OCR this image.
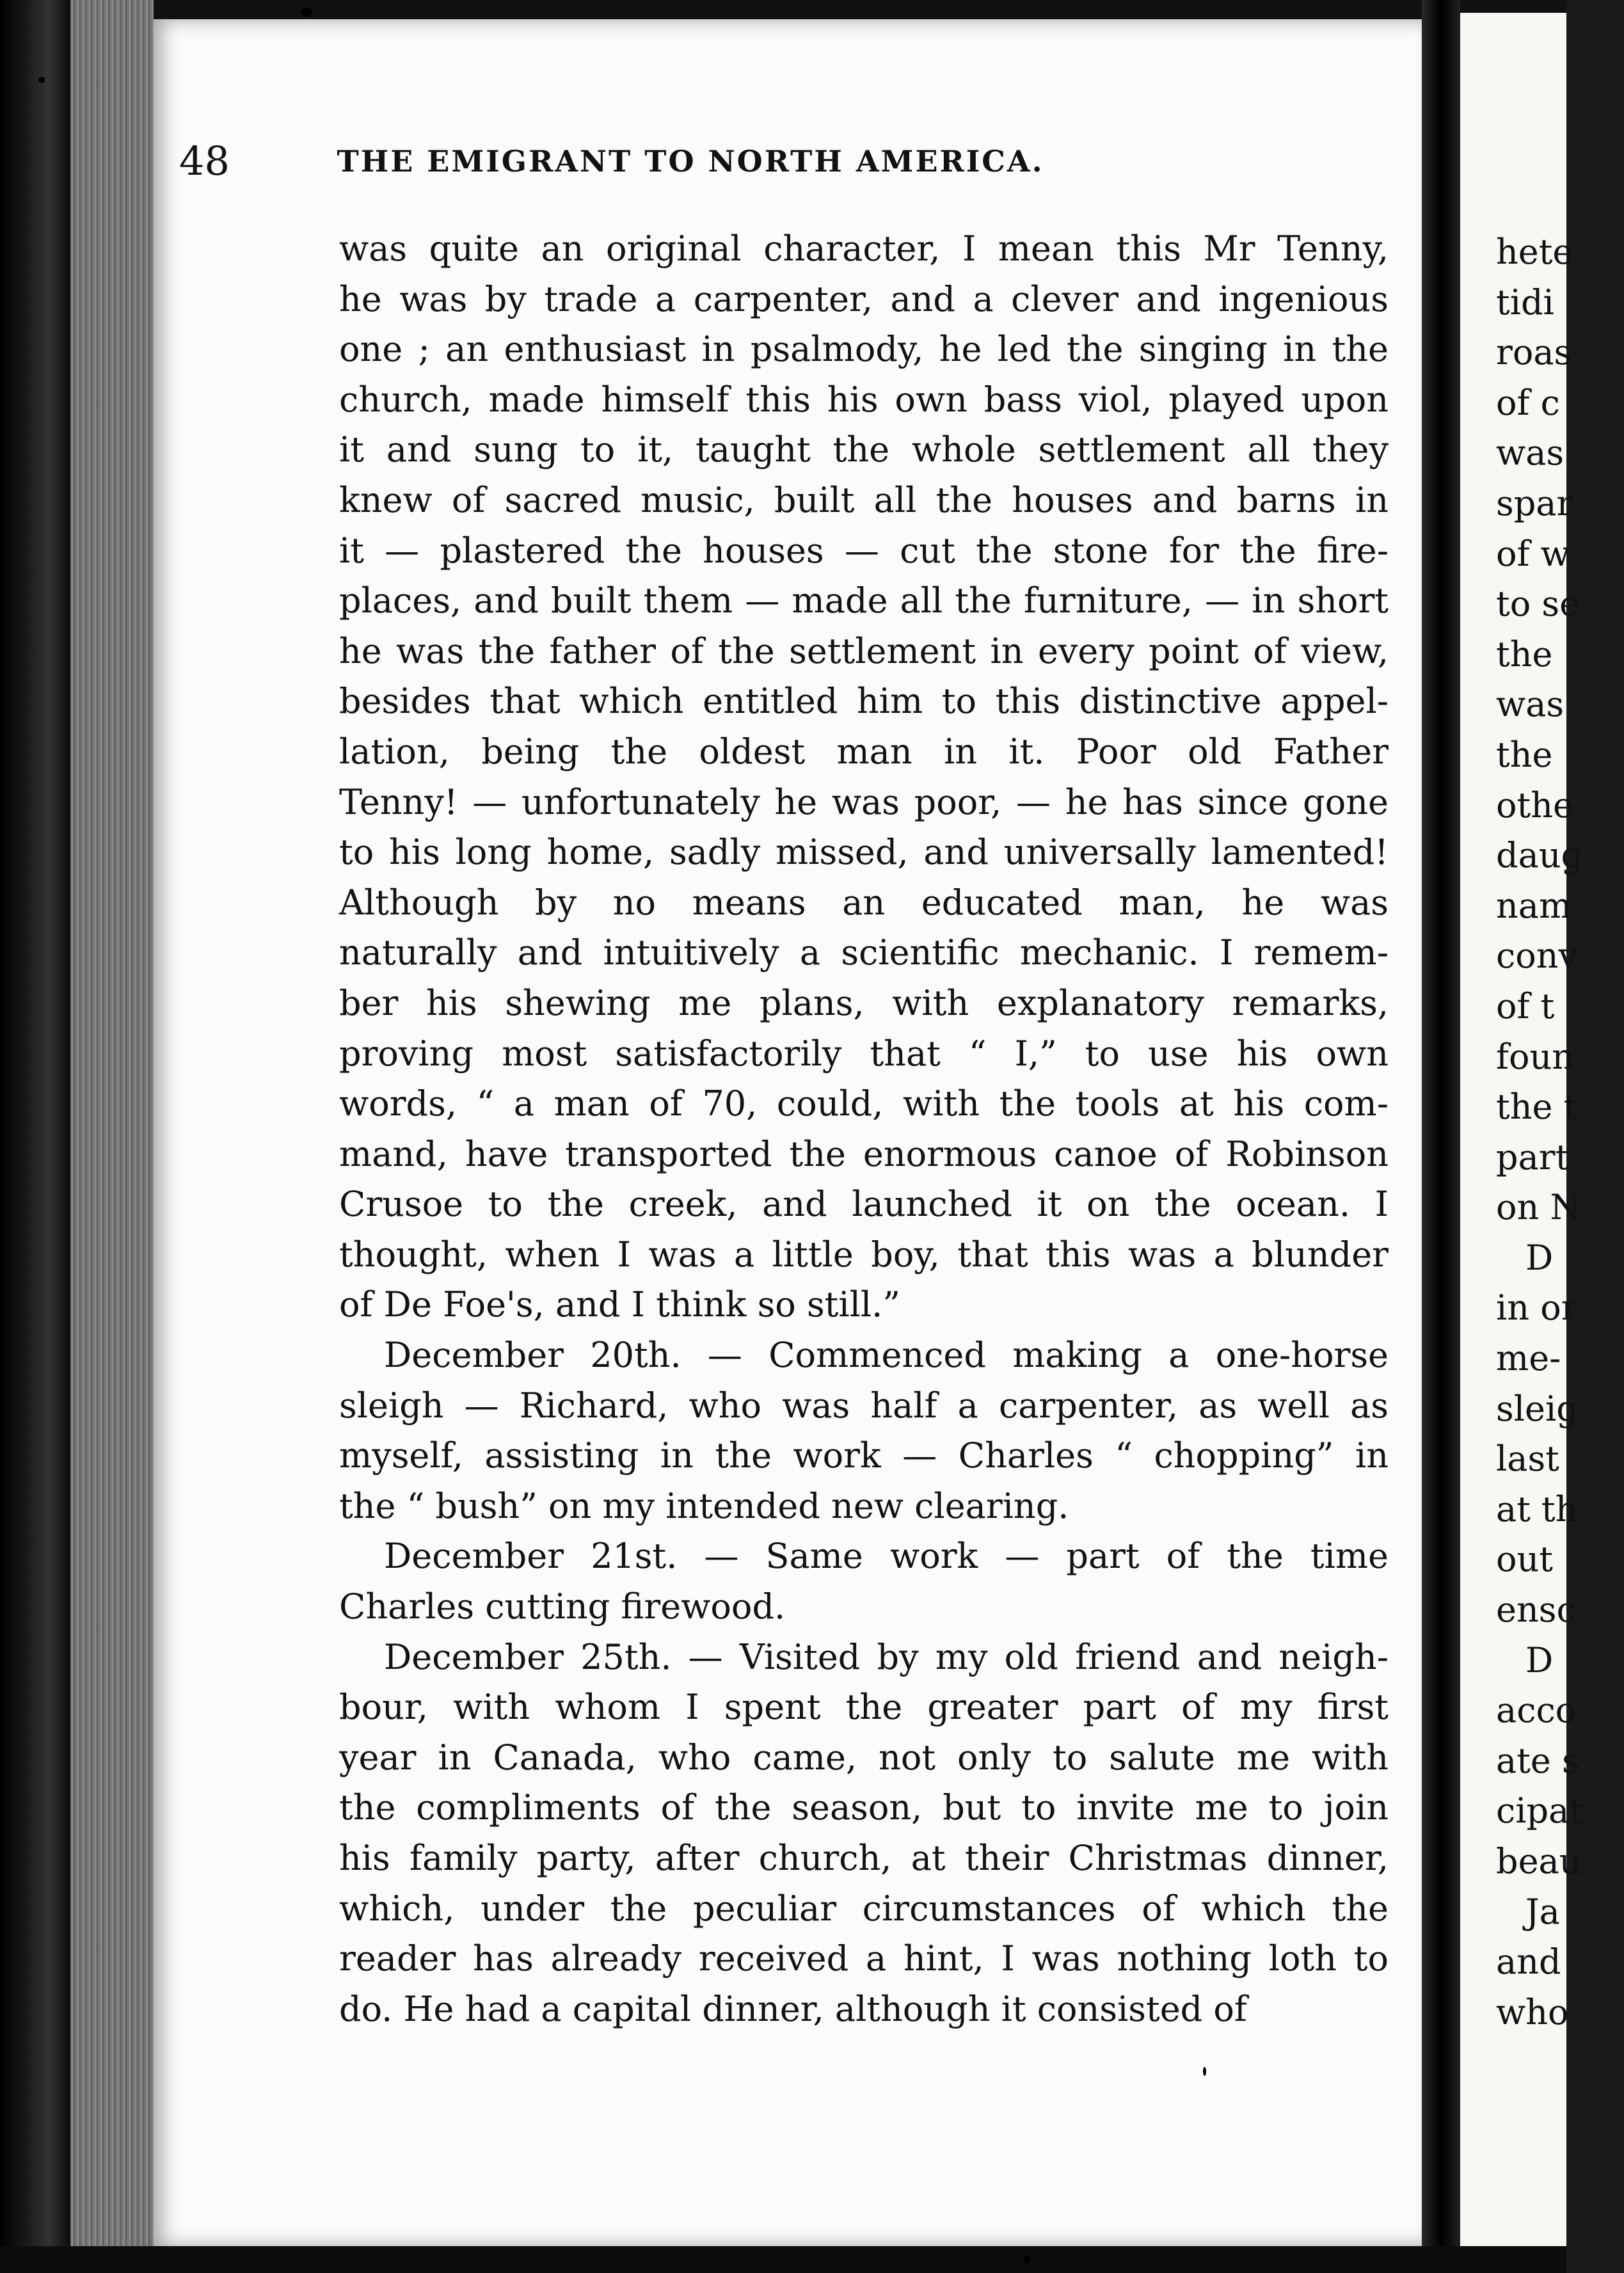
48	THE EMIGRANT TO NORTH AMERICA.
was quite an original character, I mean this Mr Tenny,
he was by trade a carpenter, and a clever and ingenious
one ; an enthusiast in psalmody, he led the singing in the
church, made himself this his own bass viol, played upon
it and sung to it, taught the whole settlement all they
knew of sacred music, built all the houses and barns in
it — plastered the houses — cut the stone for the fire-
places, and built them — made all the furniture, — in short
he was the father of the settlement in every point of view,
besides that which entitled him to this distinctive appel-
lation, being the oldest man in it. Poor old Father
Tenny! — unfortunately he was poor, — he has since gone
to his long home, sadly missed, and universally lamented!
Although by no means an educated man, he was
naturally and intuitively a scientific mechanic. I remem-
ber his shewing me plans, with explanatory remarks,
proving most satisfactorily that “ I,” to use his own
words, “ a man of 70, could, with the tools at his com-
mand, have transported the enormous canoe of Robinson
Crusoe to the creek, and launched it on the ocean. I
thought, when I was a little boy, that this was a blunder
of De Foe's, and I think so still.”
December 20th. — Commenced making a one-horse
sleigh — Richard, who was half a carpenter, as well as
myself, assisting in the work — Charles “ chopping” in
the “ bush” on my intended new clearing.
December 21st. — Same work — part of the time
Charles cutting firewood.
December 25th. — Visited by my old friend and neigh-
bour, with whom I spent the greater part of my first
year in Canada, who came, not only to salute me with
the compliments of the season, but to invite me to join
his family party, after church, at their Christmas dinner,
which, under the peculiar circumstances of which the
reader has already received a hint, I was nothing loth to
do. He had a capital dinner, although it consisted of
hete
tidi
roas
of c
was
spar
of w
to se
the
was
the
othe
daug
nam
conv
of t
foun
the t
part
on N
D
in or
me-
sleig
last
at th
out
ensc
D
acco
ate s
cipat
beau
Ja
and
who
